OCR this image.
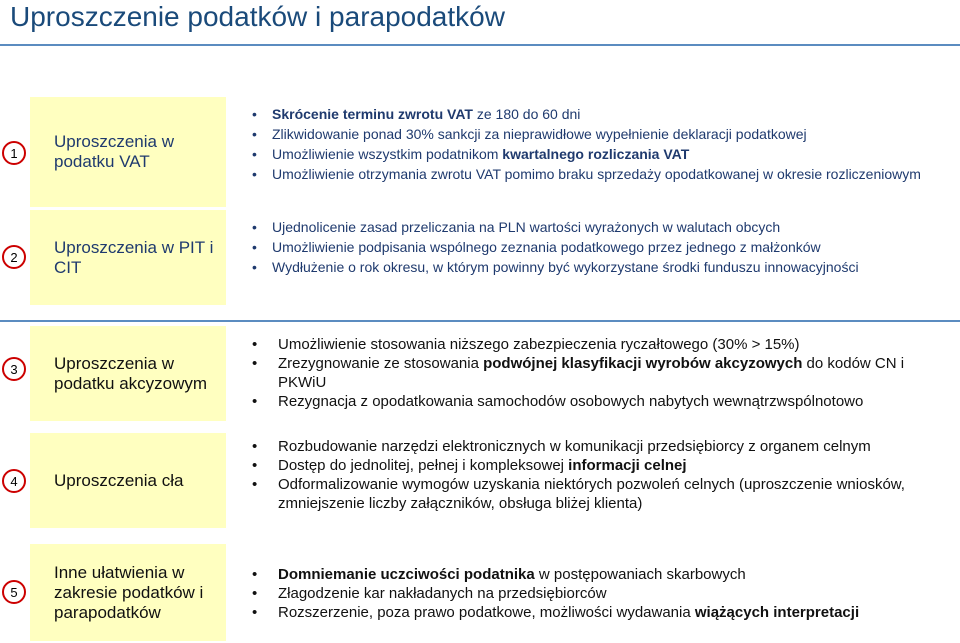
Uproszczenie podatków i parapodatków
1
Uproszczenia w podatku VAT
• Skrócenie terminu zwrotu VAT ze 180 do 60 dni
• Zlikwidowanie ponad 30% sankcji za nieprawidłowe wypełnienie deklaracji podatkowej
• Umożliwienie wszystkim podatnikom kwartalnego rozliczania VAT
• Umożliwienie otrzymania zwrotu VAT pomimo braku sprzedaży opodatkowanej w okresie rozliczeniowym
2
Uproszczenia w PIT i CIT
• Ujednolicenie zasad przeliczania na PLN wartości wyrażonych w walutach obcych
• Umożliwienie podpisania wspólnego zeznania podatkowego przez jednego z małżonków
• Wydłużenie o rok okresu, w którym powinny być wykorzystane środki funduszu innowacyjności
3	Uproszczenia w podatku akcyzowym
• Umożliwienie stosowania niższego zabezpieczenia ryczałtowego (30% > 15%)
• Zrezygnowanie ze stosowania podwójnej klasyfikacji wyrobów akcyzowych do kodów CN i PKWiU
• Rezygnacja z opodatkowania samochodów osobowych nabytych wewnątrzwspólnotowo
4	Uproszczenia cła
• Rozbudowanie narzędzi elektronicznych w komunikacji przedsiębiorcy z organem celnym
• Dostęp do jednolitej, pełnej i kompleksowej informacji celnej
• Odformalizowanie wymogów uzyskania niektórych pozwoleń celnych (uproszczenie wniosków, zmniejszenie liczby załączników, obsługa bliżej klienta)
5
Inne ułatwienia w zakresie podatków i parapodatków
• Domniemanie uczciwości podatnika w postępowaniach skarbowych
• Złagodzenie kar nakładanych na przedsiębiorców
• Rozszerzenie, poza prawo podatkowe, możliwości wydawania wiążących interpretacji
